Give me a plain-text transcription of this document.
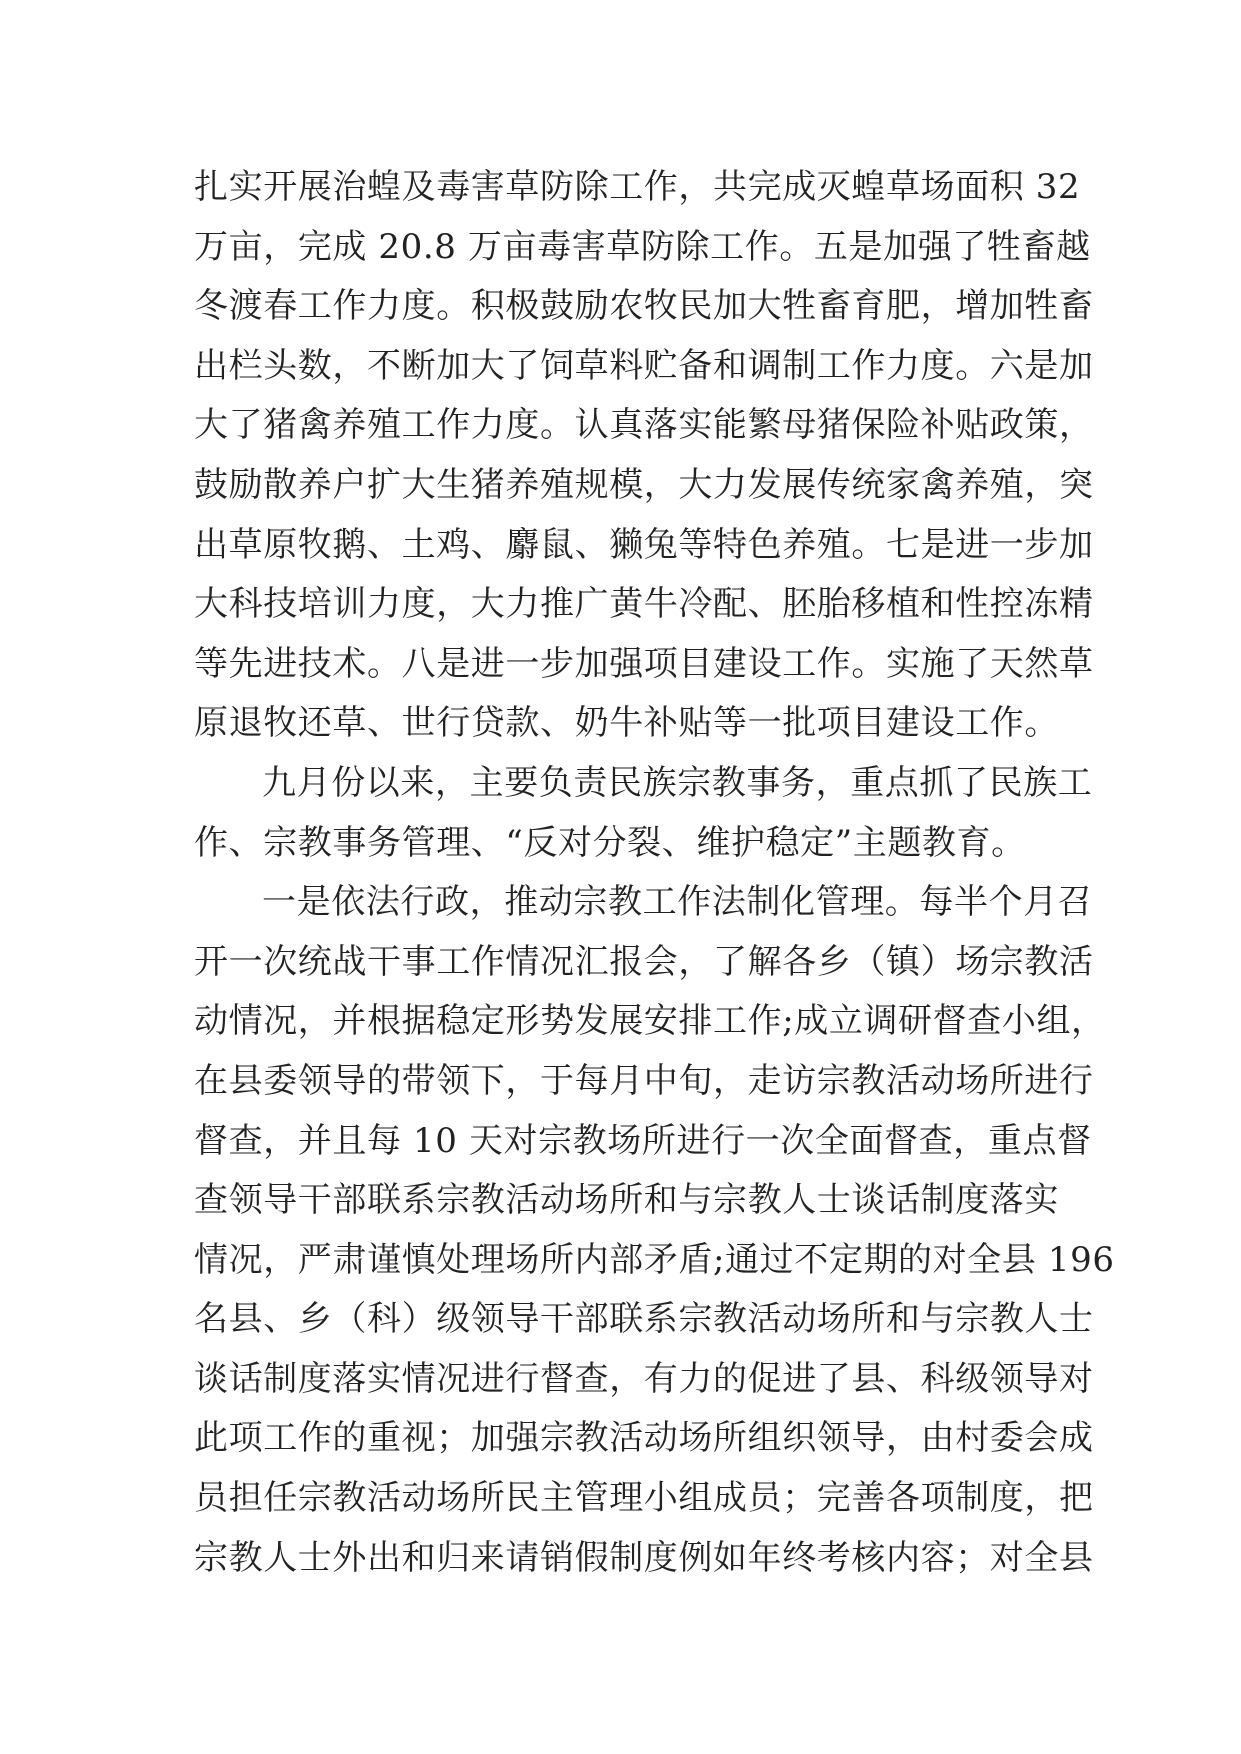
扎实开展治蝗及毒害草防除工作，共完成灭蝗草场面积 32
万亩，完成 20.8 万亩毒害草防除工作。五是加强了牲畜越
冬渡春工作力度。积极鼓励农牧民加大牲畜育肥，增加牲畜
出栏头数，不断加大了饲草料贮备和调制工作力度。六是加
大了猪禽养殖工作力度。认真落实能繁母猪保险补贴政策，
鼓励散养户扩大生猪养殖规模，大力发展传统家禽养殖，突
出草原牧鹅、土鸡、麝鼠、獭兔等特色养殖。七是进一步加
大科技培训力度，大力推广黄牛冷配、胚胎移植和性控冻精
等先进技术。八是进一步加强项目建设工作。实施了天然草
原退牧还草、世行贷款、奶牛补贴等一批项目建设工作。
九月份以来，主要负责民族宗教事务，重点抓了民族工
作、宗教事务管理、“反对分裂、维护稳定”主题教育。
一是依法行政，推动宗教工作法制化管理。每半个月召
开一次统战干事工作情况汇报会，了解各乡（镇）场宗教活
动情况，并根据稳定形势发展安排工作;成立调研督查小组，
在县委领导的带领下，于每月中旬，走访宗教活动场所进行
督查，并且每 10 天对宗教场所进行一次全面督查，重点督
查领导干部联系宗教活动场所和与宗教人士谈话制度落实
情况，严肃谨慎处理场所内部矛盾;通过不定期的对全县 196
名县、乡（科）级领导干部联系宗教活动场所和与宗教人士
谈话制度落实情况进行督查，有力的促进了县、科级领导对
此项工作的重视；加强宗教活动场所组织领导，由村委会成
员担任宗教活动场所民主管理小组成员；完善各项制度，把
宗教人士外出和归来请销假制度例如年终考核内容；对全县
